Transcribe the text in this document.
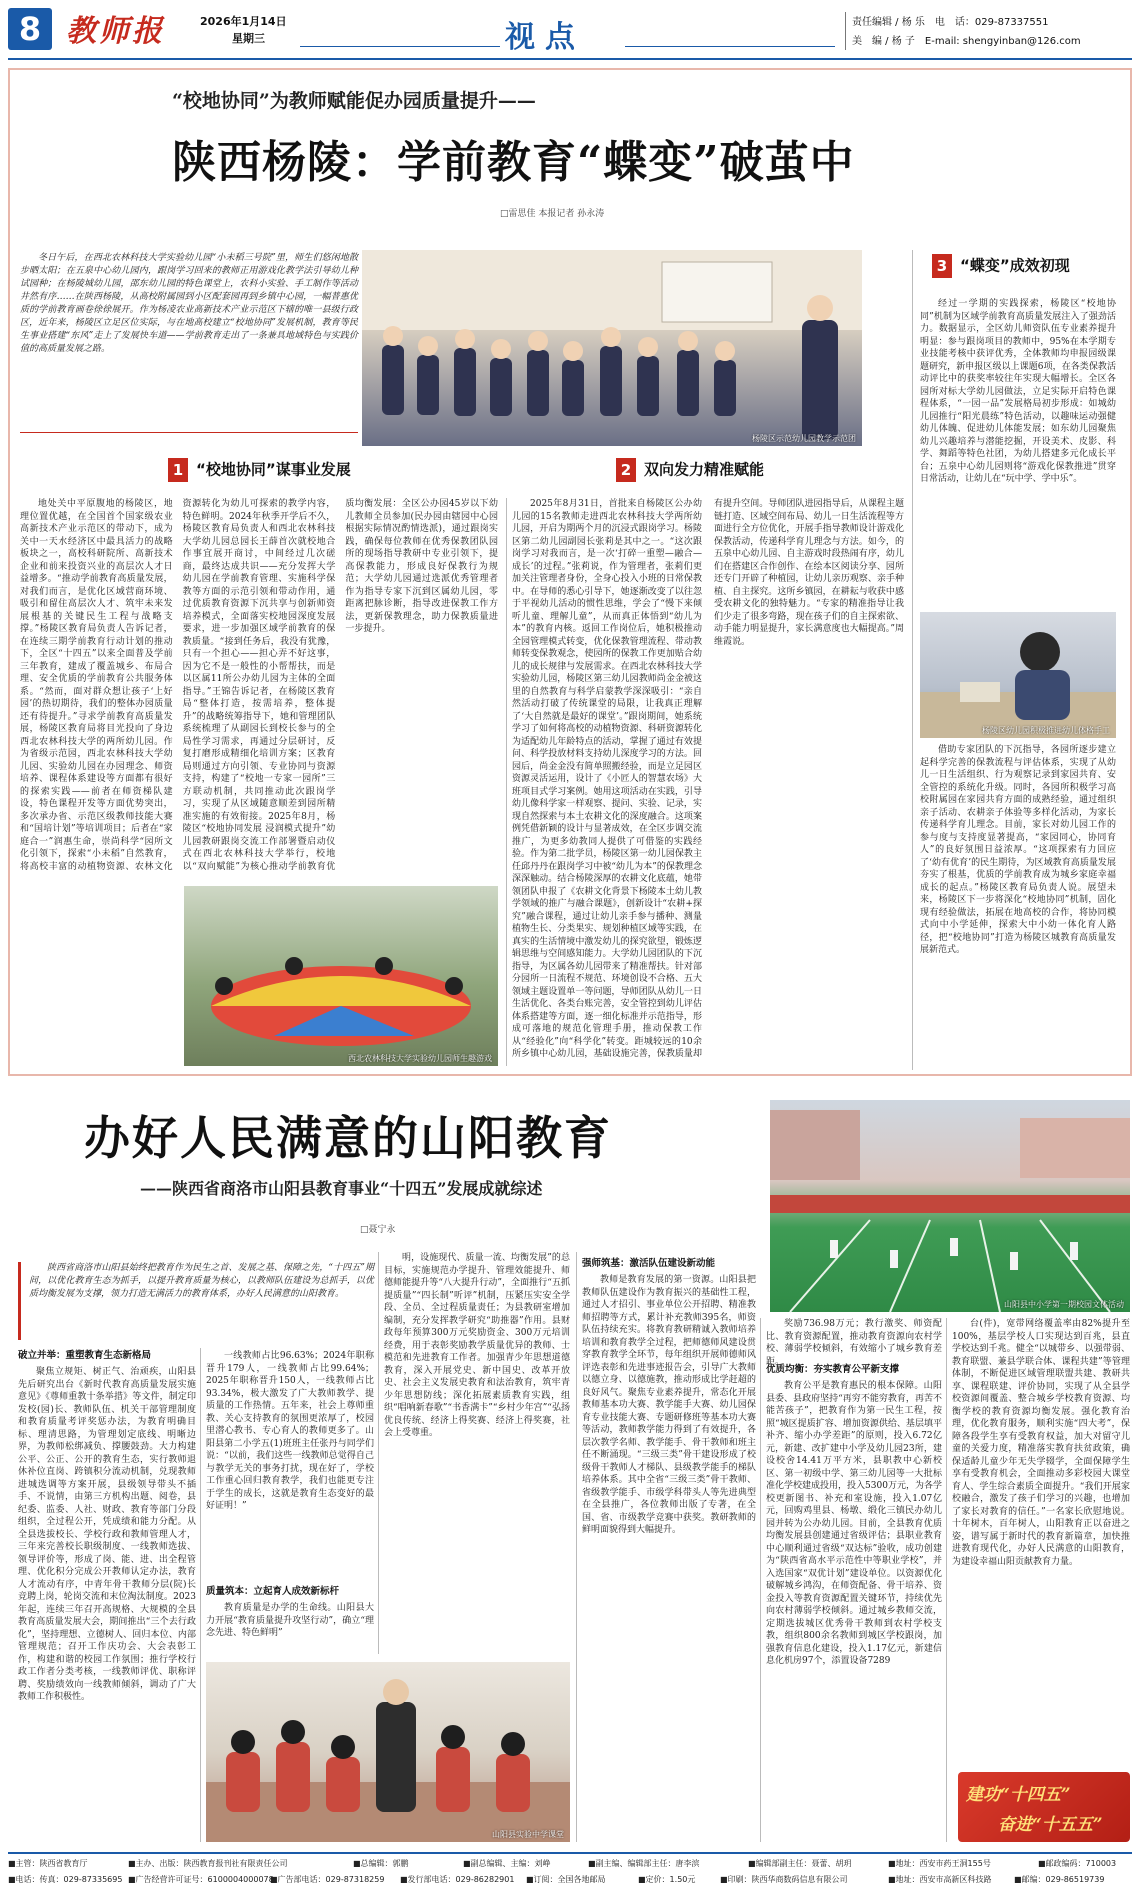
8 教师报	2026年1月14日
星期三	视点	责任编辑 / 杨 乐　电　话：029-87337551
美　编 / 杨 子　E-mail: shengyinban@126.com
“校地协同”为教师赋能促办园质量提升——
陕西杨陵：学前教育“蝶变”破茧中
□雷思佳 本报记者 孙永涛

冬日午后，在西北农林科技大学实验幼儿园“小未稻三号院”里，师生们悠闲地散步晒太阳；在五泉中心幼儿园内，跟岗学习回来的教师正用游戏化教学法引导幼儿种试园种；在杨陵城幼儿园，邵东幼儿园的特色课堂上，农科小实验、手工制作等活动井然有序……在陕西杨陵，从高校附属园到小区配套园再到乡镇中心园，一幅普惠优质的学前教育画卷徐徐展开。作为杨凌农业高新技术产业示范区下辖的唯一县级行政区，近年来，杨陵区立足区位实际，与在地高校建立“校地协同”发展机制，教育等民生事业搭建“东风”走上了发展快车道——学前教育走出了一条兼具地域特色与实践价值的高质量发展之路。

杨陵区示范幼儿园教学示范团
3 “蝶变”成效初现

经过一学期的实践探索，杨陵区“校地协同”机制为区域学前教育高质量发展注入了强劲活力。数据显示，全区幼儿师资队伍专业素养提升明显：参与跟岗项目的教师中，95%在本学期专业技能考核中获评优秀，全体教师均申报园级课题研究，新申报区级以上课题6项，在各类保教活动评比中的获奖率较往年实现大幅增长。全区各园所对标大学幼儿园做法，立足实际开启特色课程体系，“一园一品”发展格局初步形成：如城幼儿园推行“阳光晨练”特色活动，以趣味运动强健幼儿体魄、促进幼儿体能发展；如东幼儿园聚焦幼儿兴趣培养与潜能挖掘，开设美术、皮影、科学、舞蹈等特色社团，为幼儿搭建多元化成长平台；五泉中心幼儿园则将“游戏化保教推进”贯穿日常活动，让幼儿在“玩中学、学中乐”。

杨陵区幼儿园积极推进幼儿体格手工

借助专家团队的下沉指导，各园所逐步建立起科学完善的保教流程与评估体系，实现了从幼儿一日生活组织、行为观察记录到家园共育、安全管控的系统化升级。同时，各园所积极学习高校附属园在家园共育方面的成熟经验，通过组织亲子活动、农耕亲子体验等多样化活动，为家长传递科学育儿理念。目前，家长对幼儿园工作的参与度与支持度显著提高，“家园同心，协同育人”的良好氛围日益浓厚。“这项探索有力回应了‘幼有优育’的民生期待，为区域教育高质量发展夯实了根基，优质的学前教育成为城乡家庭幸福成长的起点。”杨陵区教育局负责人说。展望未来，杨陵区下一步将深化“校地协同”机制，固化现有经验做法，拓展在地高校的合作，将协同模式向中小学延伸，探索大中小幼一体化育人路径，把“校地协同”打造为杨陵区城教育高质量发展新范式。

1 “校地协同”谋事业发展	2 双向发力精准赋能

地处关中平原腹地的杨陵区，地理位置优越，在全国首个国家级农业高新技术产业示范区的带动下，成为关中一天水经济区中最具活力的战略板块之一，高校科研院所、高新技术企业和前来投资兴业的高层次人才日益增多。“推动学前教育高质量发展，对我们而言，是优化区域营商环境、吸引和留住高层次人才、筑牢未来发展根基的关键民生工程与战略支撑。”杨陵区教育局负责人告诉记者，在连续三期学前教育行动计划的推动下，全区“十四五”以来全面普及学前三年教育，建成了覆盖城乡、布局合理、安全优质的学前教育公共服务体系。“然而，面对群众想让孩子‘上好园’的热切期待，我们的整体办园质量还有待提升。”寻求学前教育高质量发展，杨陵区教育局将目光投向了身边西北农林科技大学的两所幼儿园。作为省级示范园，西北农林科技大学幼儿园、实验幼儿园在办园理念、师资培养、课程体系建设等方面都有很好的探索实践——前者在师资梯队建设，特色课程开发等方面优势突出，多次承办省、示范区级教师技能大赛和“国培计划”等培训项目；后者在“家庭合一”润惠生命，崇尚科学“园所文化引领下，探索“小未稻”自然教育，将高校丰富的动植物资源、农林文化资源转化为幼儿可探索的教学内容，特色鲜明。2024年秋季开学后不久，杨陵区教育局负责人和西北农林科技大学幼儿园总园长王薛首次就校地合作事宜展开商讨，中间经过几次磋商，最终达成共识——充分发挥大学幼儿园在学前教育管理、实施科学保教等方面的示范引领和带动作用，通过优质教育资源下沉共享与创新师资培养模式，全面落实校地园深度发展要求，进一步加强区域学前教育的保教质量。“接到任务后，我没有犹豫，只有一个担心——担心弄不好这事，因为它不是一般性的小帮帮扶，而是以区属11所公办幼儿园为主体的全面指导。”王锦告诉记者，在杨陵区教育局“整体打造，按需培养，整体提升”的战略统筹指导下，她和管理团队系统梳理了从副园长到校长参与的全局性学习需求，再通过分层研讨，反复打磨形成精细化培训方案；区教育局则通过方向引领、专业协同与资源支持，构建了“校地一专家一园所”三方联动机制，共同推动此次跟岗学习，实现了从区域随意顺差到园所精准实施的有效衔接。2025年8月，杨陵区“校地协同发展 浸润模式提升”幼儿园教研跟岗交流工作部署暨启动仪式在西北农林科技大学举行，校地以“双向赋能”为核心推动学前教育优质均衡发展：全区公办园45岁以下幼儿教师全员参加(民办园由辖园中心园根据实际情况酌情选派)，通过跟岗实践，确保每位教师在优秀保教团队园所的现场指导教研中专业引领下，提高保教能力，形成良好保教行为规范；大学幼儿园通过选派优秀管理者作为指导专家下沉到区属幼儿园，零距离把脉诊断，指导改进保教工作方法，更新保教理念，助力保教质量进一步提升。

西北农林科技大学实验幼儿园师生趣游戏

2025年8月31日，首批来自杨陵区公办幼儿园的15名教师走进西北农林科技大学两所幼儿园，开启为期两个月的沉浸式跟岗学习。杨陵区第二幼儿园副园长张莉是其中之一。“这次跟岗学习对我而言，是一次‘打碎一重塑—融合—成长’的过程。”张莉说，作为管理者，张莉们更加关注管理者身份，全身心投入小班的日常保教中。在导师的悉心引导下，她逐渐改变了以往忽于平视幼儿活动的惯性思维，学会了“慢下来倾听儿童、理解儿童”，从而真正体悟到“幼儿为本”的教育内核。返回工作岗位后，她积极推动全园管理模式转变，优化保教管理流程、带动教师转变保教观念，使园所的保教工作更加贴合幼儿的成长规律与发展需求。在西北农林科技大学实验幼儿园，杨陵区第三幼儿园教师尚金金被这里的自然教育与科学启蒙教学深深吸引：“亲自然活动打破了传统课堂的局限，让我真正理解了‘大自然就是最好的课堂’。”跟岗期间，她系统学习了如何将高校的动植物资源、科研资源转化为适配幼儿年龄特点的活动，掌握了通过有效提问、科学投放材料支持幼儿深度学习的方法。回园后，尚金金没有简单照搬经验，而是立足园区资源灵活运用，设计了《小匠人的智慧农场》大班项目式学习案例。她用这项活动在实践，引导幼儿像科学家一样观察、提问、实验、记录，实现自然探索与本土农耕文化的深度融合。这项案例凭借新颖的设计与显著成效，在全区步调交流推广，为更多幼教同人提供了可借鉴的实践经验。作为第二批学员，杨陵区第一幼儿园保教主任邱丹丹在跟岗学习中被“幼儿为本”的保教理念深深触动。结合杨陵深厚的农耕文化底蕴，她带领团队申报了《农耕文化背景下杨陵本土幼儿教学领域的推广与融合课题》，创新设计“农耕+探究”融合课程，通过让幼儿亲手参与播种、测量植物生长、分类果实、规划种植区域等实践，在真实的生活情境中激发幼儿的探究欲望，锻炼逻辑思维与空间感知能力。大学幼儿园团队的下沉指导，为区属各幼儿园带来了精准帮扶。针对部分园所一日流程不规范、环境创设不合格、五大领域主题设置单一等问题，导师团队从幼儿一日生活优化、各类台账完善，安全管控到幼儿评估体系搭建等方面，逐一细化标准并示范指导，形成可落地的规范化管理手册，推动保教工作从“经验化”向“科学化”转变。距城较远的10余所乡镇中心幼儿园，基础设施完善，保教质量却有提升空间。导师团队进园指导后，从课程主题链打造、区域空间布局、幼儿一日生活流程等方面进行全方位优化，开展手指导教师设计游戏化保教活动，传递科学育儿理念与方法。如今，的五泉中心幼儿园、自主游戏时段热闹有序，幼儿们在搭建区合作创作、在绘本区阅读分享、园所还专门开辟了种植园，让幼儿亲历观察、亲手种植、自主探究。这所乡镇园，在耕耘与收获中感受农耕文化的独特魅力。“专家的精准指导让我们少走了很多弯路，现在孩子们的自主探索欲、动手能力明显提升，家长满意度也大幅提高。”周维霞说。

办好人民满意的山阳教育
——陕西省商洛市山阳县教育事业“十四五”发展成就综述
□聂宁永
山阳县中小学第一期校园文体活动
陕西省商洛市山阳县始终把教育作为民生之首、发展之基、保障之先，“十四五”期间，以优化教育生态为抓手，以提升教育质量为核心，以教师队伍建设为总抓手，以优质均衡发展为支撑，领力打造无满活力的教育体系，办好人民满意的山阳教育。
破立并举：重塑教育生态新格局

聚焦立规矩、树正气、治顽疾，山阳县先后研究出台《新时代教育高质量发展实施意见》《尊师重教十条举措》等文件，制定印发校(园)长、教师队伍、机关干部管理制度和教育质量考评奖惩办法，为教育明确目标、理清思路，为管理划定底线、明晰边界，为教师松绑减负、撑腰鼓劲。大力构建公平、公正、公开的教育生态，实行教师退休补位直岗、跨镇积分流动机制，兑现教师进城选调等方案开展，县级领导带头不插手、不说情，由第三方机构出题、阅卷，县纪委、监委、人社、财政、教育等部门分段组织，全过程公开，凭成绩和能力分配。从全县选拔校长、学校行政和教师管理人才，三年来完善校长职级制度、一线教师选拔、领导评价等，形成了岗、能、进、出全程管理、优化积分完成公开教师认定办法，教育人才流动有序，中青年骨干教师分层(院)长竞聘上岗，轮岗交流和末位淘汰制度。2023年起，连续三年召开高规格、大规模的全县教育高质量发展大会，期间推出“三个去行政化”，坚持理想、立德树人、回归本位、内部管理规范；召开工作庆功会、大会表彰工作，构建和谐的校园工作氛围；推行学校行政工作者分类考核，一线教师评优、职称评聘、奖励绩效向一线教师倾斜，调动了广大教师工作积极性。

一线教师占比96.63%；2024年职称晋升179人，一线教师占比99.64%；2025年职称晋升150人，一线教师占比93.34%，极大激发了广大教师教学、提质量的工作热情。五年来，社会上尊师重教、关心支持教育的氛围更浓厚了，校园里潜心教书、专心育人的教师更多了。山阳县第二小学五(1)班班主任张丹与同学们说：“以前，我们这些一线教师总觉得自己与教学无关的事务打扰，现在好了，学校工作重心回归教育教学，我们也能更专注于学生的成长，这就是教育生态变好的最好证明！”

质量筑本：立起育人成效新标杆

教育质量是办学的生命线。山阳县大力开展“教育质量提升攻坚行动”，确立“理念先进、特色鲜明”

明，设施现代、质量一流、均衡发展”的总目标，实施规范办学提升、管理效能提升、师德师能提升等“八大提升行动”，全面推行“五抓提质量”“四长制”听评”机制，压紧压实安全学段、全员、全过程质量责任；为县教研室增加编制，充分发挥教学研究“助推器”作用。县财政每年预算300万元奖励资金、300万元培训经费，用于表彰奖励教学质量优异的教师、士模范和先进教育工作者。加强青少年思想道德教育，深入开展党史、新中国史、改革开放史、社会主义发展史教育和法治教育，筑牢青少年思想防线；深化拓展素质教育实践，组织“唱响新春歌”“书香满卡”“乡村少年宫”“弘扬优良传统、经济上得奖赛、经济上得奖赛，社会上受尊重。

山阳县实验中学课堂
强师筑基：激活队伍建设新动能

教师是教育发展的第一资源。山阳县把教师队伍建设作为教育振兴的基础性工程，通过人才招引、事业单位公开招聘、精准教师招聘等方式，累计补充教师395名，师资队伍持续充实。将教育教研精诚入教师培养培训和教育教学全过程，把师德师风建设贯穿教育教学全环节，每年组织开展师德师风评选表彰和先进事迹报告会，引导广大教师以德立身、以德施教，推动形成比学赶超的良好风气。聚焦专业素养提升，常态化开展教师基本功大赛、教学能手大赛、幼儿园保育专业技能大赛、专题研修班等基本功大赛等活动，教师教学能力得到了有效提升，各层次教学名师、教学能手、骨干教师和班主任不断涌现。“三级三类”骨干建设形成了校级骨干教师人才梯队、县级教学能手的梯队培养体系。其中全省“三级三类”骨干教师、省级教学能手、市级学科带头人等先进典型在全县推广，各位教师出版了专著，在全国、省、市级教学竞赛中获奖。教研教师的鲜明面貌得到大幅提升。

奖励736.98万元；教行激奖、师资配比、教育资源配置，推动教育资源向农村学校、薄弱学校倾斜，有效缩小了城乡教育差距。

优质均衡：夯实教育公平新支撑

教育公平是教育惠民的根本保障。山阳县委、县政府坚持“再穷不能穷教育，再苦不能苦孩子”，把教育作为第一民生工程，按照“城区提质扩容、增加资源供给、基层填平补齐、缩小办学差距”的原则，投入6.72亿元，新建、改扩建中小学及幼儿园23所，建设校舍14.41万平方米，县职教中心新校区、第一初级中学、第三幼儿园等一大批标准化学校建成投用，投入5300万元，为各学校更新图书、补充和室设施，投入1.07亿元，回购鸡里县、杨墩、缎化三镇民办幼儿园并转为公办幼儿园。目前，全县教育优质均衡发展县创建通过省级评估；县职业教育中心顺利通过省级“双达标”验收，成功创建为“陕西省高水平示范性中等职业学校”，并入选国家“双优计划”建设单位。以资源优化破解城乡鸿沟，在师资配备、骨干培养、资金投入等教育资源配置关键环节，持续优先向农村薄弱学校倾斜。通过城乡教师交流，定期选拔城区优秀骨干教师到农村学校支教，组织800余名教师到城区学校跟岗，加强教育信息化建设，投入1.17亿元，新建信息化机房97个，添置设备7289

台(件)，宽带网络覆盖率由82%提升至100%，基层学校人口实现达到百兆，县直学校达到千兆。健全“以城带乡、以强带弱、教育联盟、兼县学联合体、课程共建”等管理体制，不断促进区域管理联盟共建、教研共享、课程联建、评价协同，实现了从全县学校资源间覆盖、整合城乡学校教育资源、均衡学校的教育资源均衡发展。强化教育治理，优化教育服务，顺利实施“四大考”，保障各段学生享有受教育权益，加大对留守儿童的关爱力度，精准落实教育扶贫政策，确保适龄儿童少年无失学辍学，全面保障学生享有受教育机会，全面推动多彩校园大课堂育人、学生综合素质全面提升。“我们开展家校融合，激发了孩子们学习的兴趣，也增加了家长对教育的信任。”一名家长欣慰地说。十年树木，百年树人，山阳教育正以奋进之姿，谱写属于新时代的教育新篇章，加快推进教育现代化，办好人民满意的山阳教育，为建设幸福山阳贡献教育力量。

建功“十四五”
奋进“十五五”
■主管：陕西省教育厅	■主办、出版：陕西教育报刊社有限责任公司	■总编辑：郭鹏	■副总编辑、主编：刘峥	■副主编、编辑部主任：唐李滨	■编辑部副主任：聂蕾、胡玥	■地址：西安市药王洞155号	■邮政编码：710003
■电话：传真：029-87335695 ■广告经营许可证号：6100004000078
■广告部电话：029-87318259 ■发行部电话：029-86282901 ■订阅：全国各地邮局	■定价：1.50元	■印刷：陕西华商数码信息有限公司	■地址：西安市高新区科技路	■邮编：029-86519739
